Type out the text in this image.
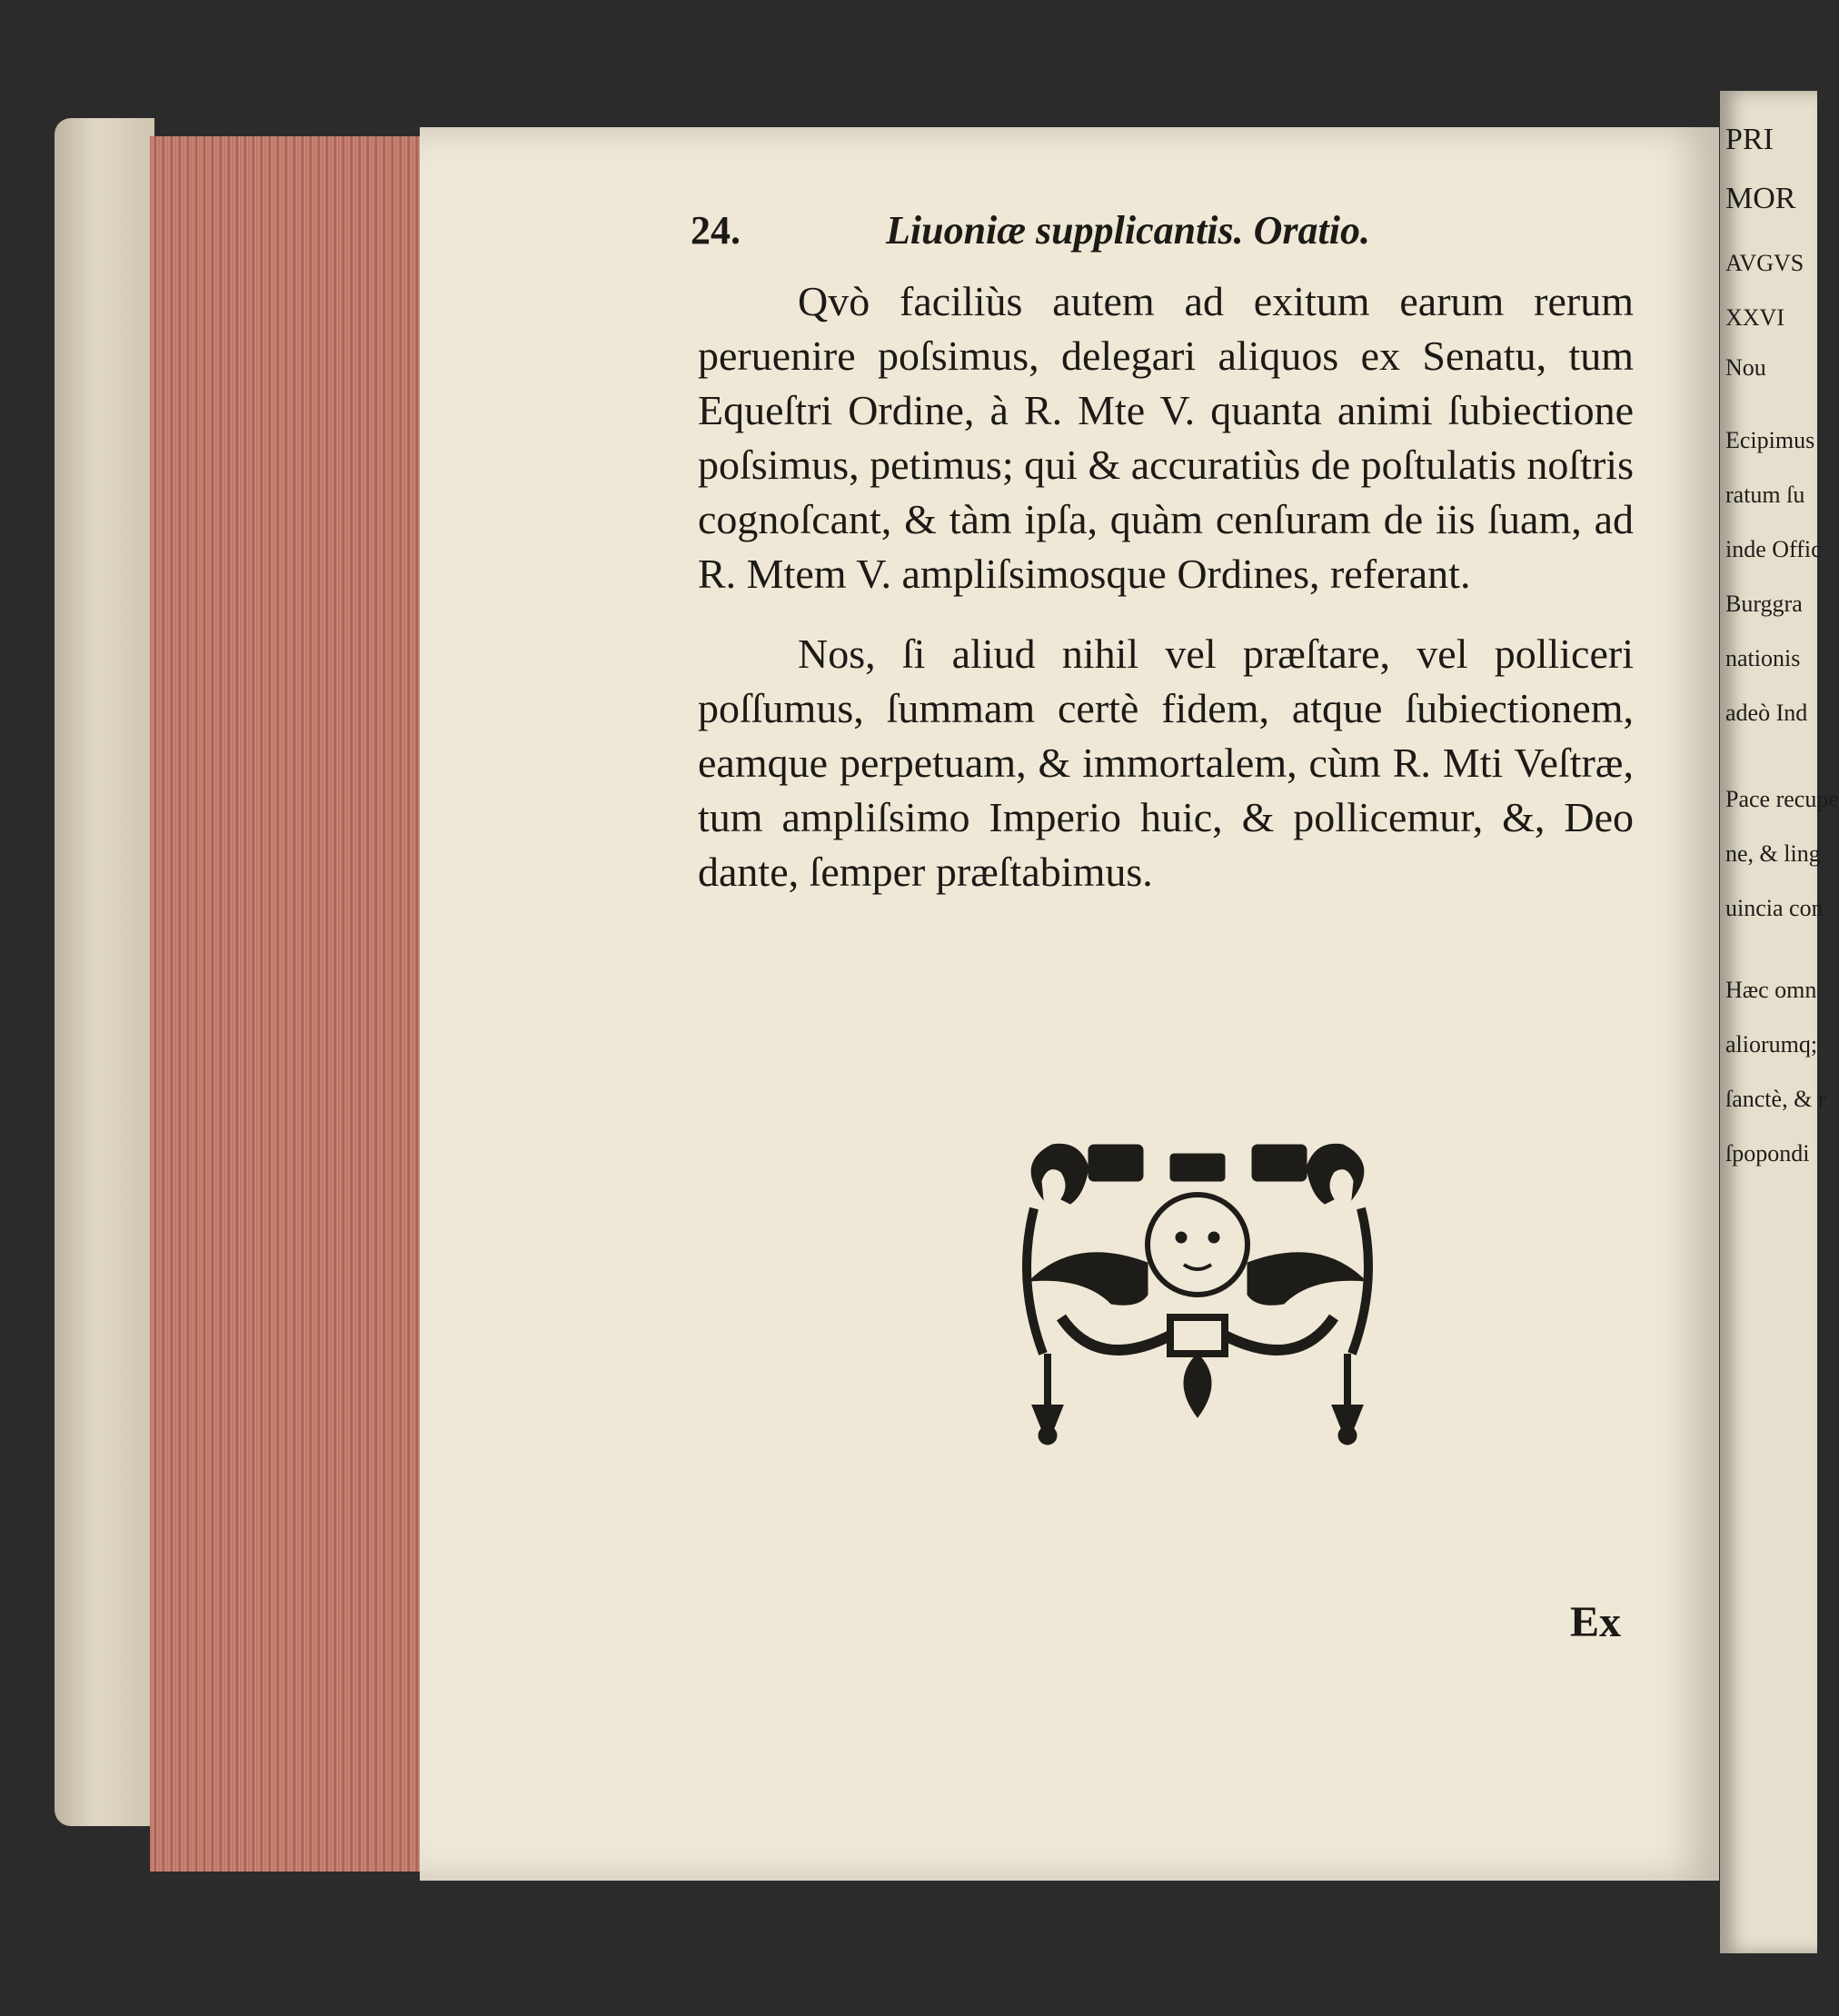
24.	Liuoniæ supplicantis. Oratio.

Qvò faciliùs autem ad exitum earum rerum peruenire poſsimus, delegari aliquos ex Senatu, tum Equeſtri Ordine, à R. Mte V. quanta animi ſubiectione poſsimus, petimus; qui & accuratiùs de poſtulatis noſtris cognoſcant, & tàm ipſa, quàm cenſuram de iis ſuam, ad R. Mtem V. ampliſsimosque Ordines, referant.

Nos, ſi aliud nihil vel præſtare, vel polliceri poſſumus, ſummam certè fidem, atque ſubiectionem, eamque perpetuam, & immortalem, cùm R. Mti Veſtræ, tum ampliſsimo Imperio huic, & pollicemur, &, Deo dante, ſemper præſtabimus.

Ex
PRI
MOR
AVGVS
XXVI
Nou
Ecipimus
ratum ſu
inde Offic
Burggra
nationis
adeò Ind
Pace recupe
ne, & ling
uincia con
Hæc omn
aliorumq;
ſanctè, & r
ſpopondi
